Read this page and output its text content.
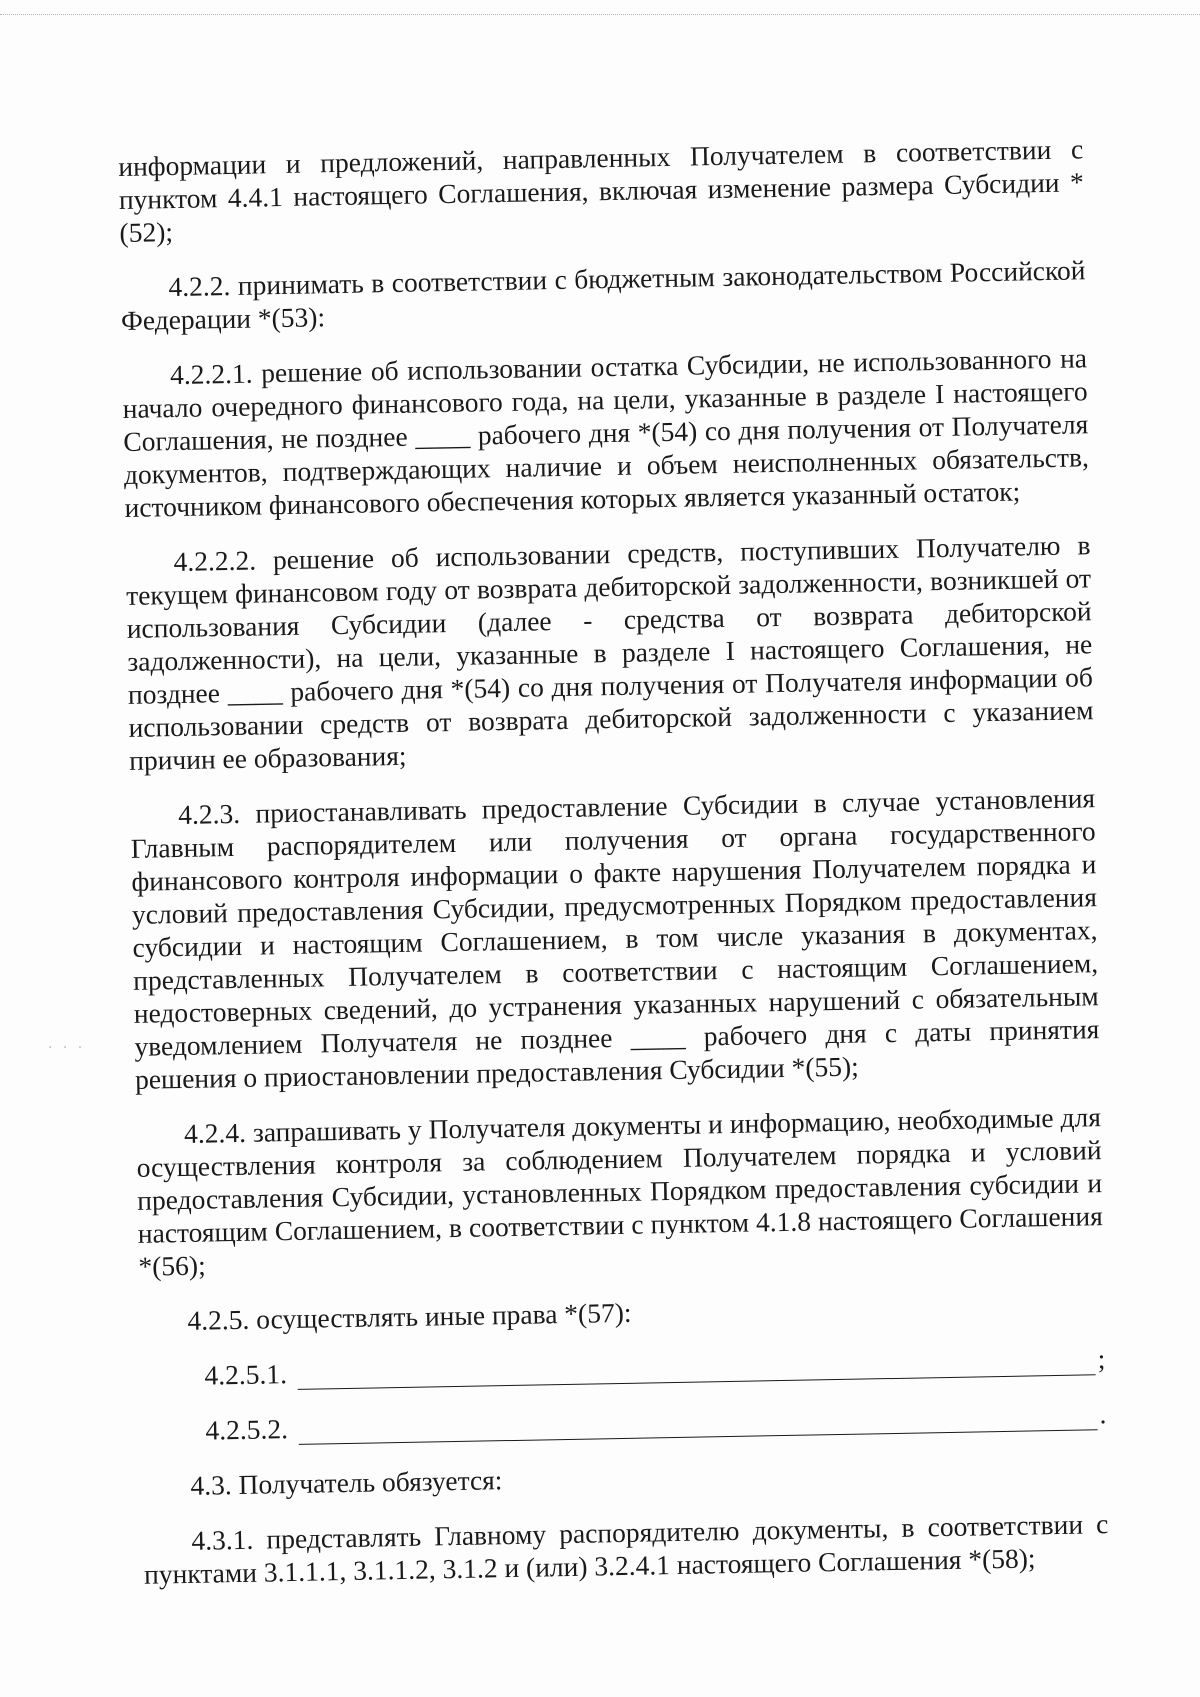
информации и предложений, направленных Получателем в соответствии с пунктом 4.4.1 настоящего Соглашения, включая изменение размера Субсидии *(52);

4.2.2. принимать в соответствии с бюджетным законодательством Российской Федерации *(53):

4.2.2.1. решение об использовании остатка Субсидии, не использованного на начало очередного финансового года, на цели, указанные в разделе I настоящего Соглашения, не позднее ____ рабочего дня *(54) со дня получения от Получателя документов, подтверждающих наличие и объем неисполненных обязательств, источником финансового обеспечения которых является указанный остаток;

4.2.2.2. решение об использовании средств, поступивших Получателю в текущем финансовом году от возврата дебиторской задолженности, возникшей от использования Субсидии (далее - средства от возврата дебиторской задолженности), на цели, указанные в разделе I настоящего Соглашения, не позднее ____ рабочего дня *(54) со дня получения от Получателя информации об использовании средств от возврата дебиторской задолженности с указанием причин ее образования;

4.2.3. приостанавливать предоставление Субсидии в случае установления Главным распорядителем или получения от органа государственного финансового контроля информации о факте нарушения Получателем порядка и условий предоставления Субсидии, предусмотренных Порядком предоставления субсидии и настоящим Соглашением, в том числе указания в документах, представленных Получателем в соответствии с настоящим Соглашением, недостоверных сведений, до устранения указанных нарушений с обязательным уведомлением Получателя не позднее ____ рабочего дня с даты принятия решения о приостановлении предоставления Субсидии *(55);

4.2.4. запрашивать у Получателя документы и информацию, необходимые для осуществления контроля за соблюдением Получателем порядка и условий предоставления Субсидии, установленных Порядком предоставления субсидии и настоящим Соглашением, в соответствии с пунктом 4.1.8 настоящего Соглашения *(56);

4.2.5. осуществлять иные права *(57):

4.2.5.1.	;
4.2.5.2.	.

4.3. Получатель обязуется:

4.3.1. представлять Главному распорядителю документы, в соответствии с пунктами 3.1.1.1, 3.1.1.2, 3.1.2 и (или) 3.2.4.1 настоящего Соглашения *(58);

· · ·
